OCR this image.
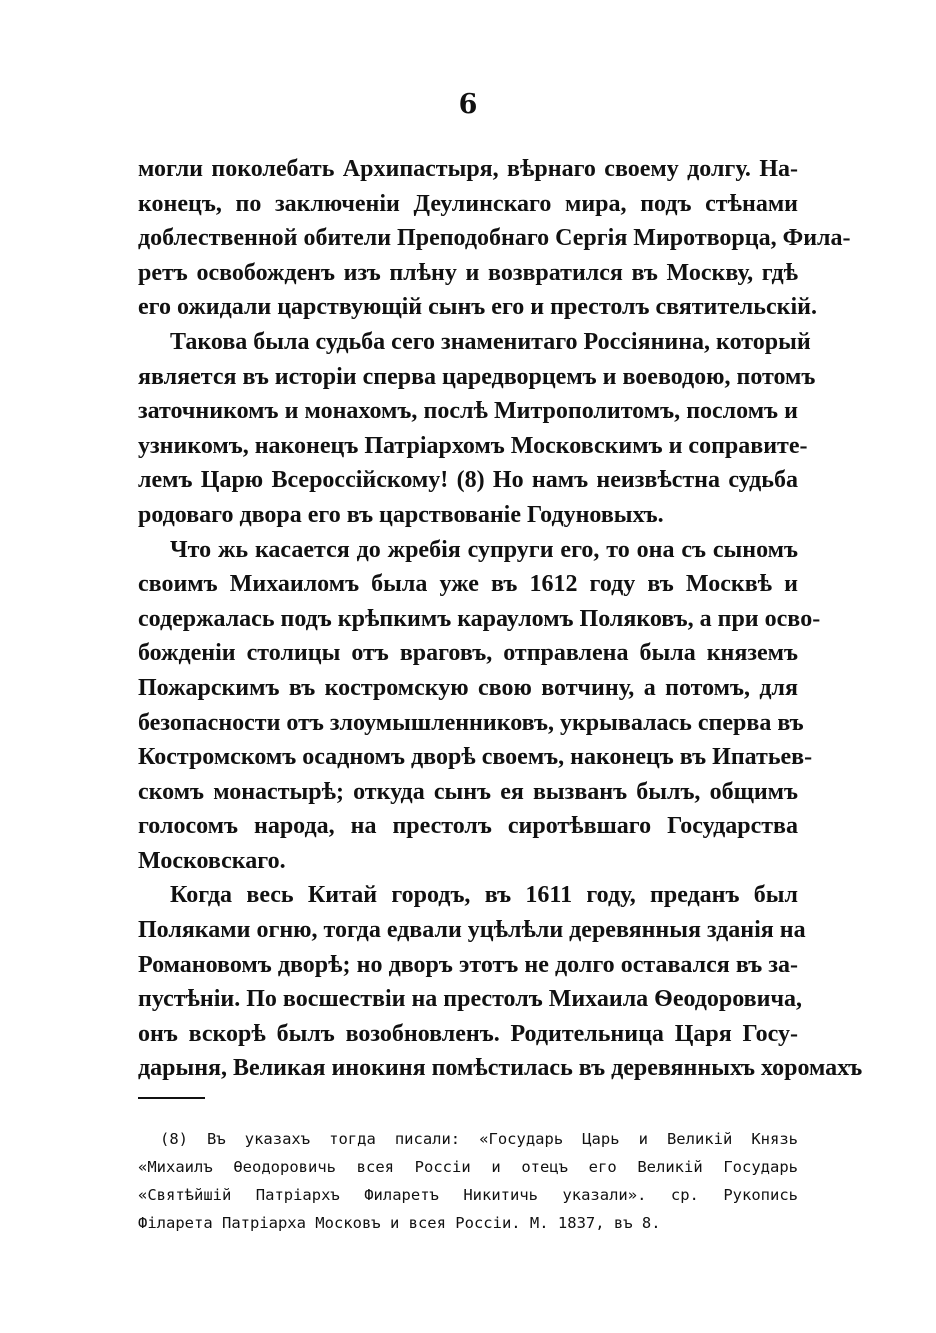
6
могли поколебать Архипастыря, вѣрнаго своему долгу. На-
конецъ, по заключеніи Деулинскаго мира, подъ стѣнами
доблественной обители Преподобнаго Сергія Миротворца, Фила-
ретъ освобожденъ изъ плѣну и возвратился въ Москву, гдѣ
его ожидали царствующій сынъ его и престолъ святительскій.
Такова была судьба сего знаменитаго Россіянина, который
является въ исторіи сперва царедворцемъ и воеводою, потомъ
заточникомъ и монахомъ, послѣ Митрополитомъ, посломъ и
узникомъ, наконецъ Патріархомъ Московскимъ и соправите-
лемъ Царю Всероссійскому! (8) Но намъ неизвѣстна судьба
родоваго двора его въ царствованіе Годуновыхъ.
Что жь касается до жребія супруги его, то она съ сыномъ
своимъ Михаиломъ была уже въ 1612 году въ Москвѣ и
содержалась подъ крѣпкимъ карауломъ Поляковъ, а при освo-
божденіи столицы отъ враговъ, отправлена была княземъ
Пожарскимъ въ костромскую свою вотчину, а потомъ, для
безопасности отъ злоумышленниковъ, укрывалась сперва въ
Костромскомъ осадномъ дворѣ своемъ, наконецъ въ Ипатьев-
скомъ монастырѣ; откуда сынъ ея вызванъ былъ, общимъ
голосомъ народа, на престолъ сиротѣвшаго Государства
Московскаго.
Когда весь Китай городъ, въ 1611 году, преданъ был
Поляками огню, тогда едвали уцѣлѣли деревянныя зданія на
Романовомъ дворѣ; но дворъ этотъ не долго оставался въ за-
пустѣніи. По восшествіи на престолъ Михаила Ѳеодоровича,
онъ вскорѣ былъ возобновленъ. Родительница Царя Госу-
дарыня, Великая инокиня помѣстилась въ деревянныхъ хоромахъ
(8) Въ указахъ тогда писали: «Государь Царь и Великій Князь
«Михаилъ Ѳеодоровичь всея Россіи и отецъ его Великій Государь
«Святѣйшій Патріархъ Филаретъ Никитичь указали». ср. Рукопись
Філарета Патріарха Московъ и всея Россіи. М. 1837, въ 8.
